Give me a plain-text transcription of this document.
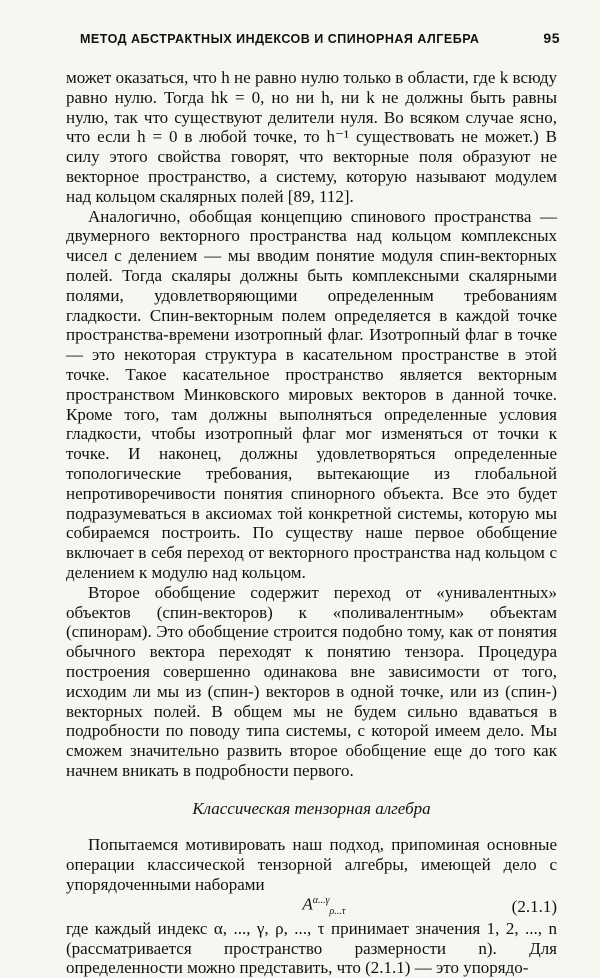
МЕТОД АБСТРАКТНЫХ ИНДЕКСОВ И СПИНОРНАЯ АЛГЕБРА	95

может оказаться, что h не равно нулю только в области, где k всюду равно нулю. Тогда hk = 0, но ни h, ни k не должны быть равны нулю, так что существуют делители нуля. Во всяком случае ясно, что если h = 0 в любой точке, то h⁻¹ существовать не может.) В силу этого свойства говорят, что векторные поля образуют не векторное пространство, а систему, которую называют модулем над кольцом скалярных полей [89, 112].

Аналогично, обобщая концепцию спинового пространства — двумерного векторного пространства над кольцом комплексных чисел с делением — мы вводим понятие модуля спин-векторных полей. Тогда скаляры должны быть комплексными скалярными полями, удовлетворяющими определенным требованиям гладкости. Спин-векторным полем определяется в каждой точке пространства-времени изотропный флаг. Изотропный флаг в точке — это некоторая структура в касательном пространстве в этой точке. Такое касательное пространство является векторным пространством Минковского мировых векторов в данной точке. Кроме того, там должны выполняться определенные условия гладкости, чтобы изотропный флаг мог изменяться от точки к точке. И наконец, должны удовлетворяться определенные топологические требования, вытекающие из глобальной непротиворечивости понятия спинорного объекта. Все это будет подразумеваться в аксиомах той конкретной системы, которую мы собираемся построить. По существу наше первое обобщение включает в себя переход от векторного пространства над кольцом с делением к модулю над кольцом.

Второе обобщение содержит переход от «унивалентных» объектов (спин-векторов) к «поливалентным» объектам (спинорам). Это обобщение строится подобно тому, как от понятия обычного вектора переходят к понятию тензора. Процедура построения совершенно одинакова вне зависимости от того, исходим ли мы из (спин-) векторов в одной точке, или из (спин-) векторных полей. В общем мы не будем сильно вдаваться в подробности по поводу типа системы, с которой имеем дело. Мы сможем значительно развить второе обобщение еще до того как начнем вникать в подробности первого.

Классическая тензорная алгебра

Попытаемся мотивировать наш подход, припоминая основные операции классической тензорной алгебры, имеющей дело с упорядоченными наборами

$A^{\alpha...\gamma}_{\rho...\tau}$	(2.1.1)

где каждый индекс α, ..., γ, ρ, ..., τ принимает значения 1, 2, ..., n (рассматривается пространство размерности n). Для определенности можно представить, что (2.1.1) — это упорядо-
